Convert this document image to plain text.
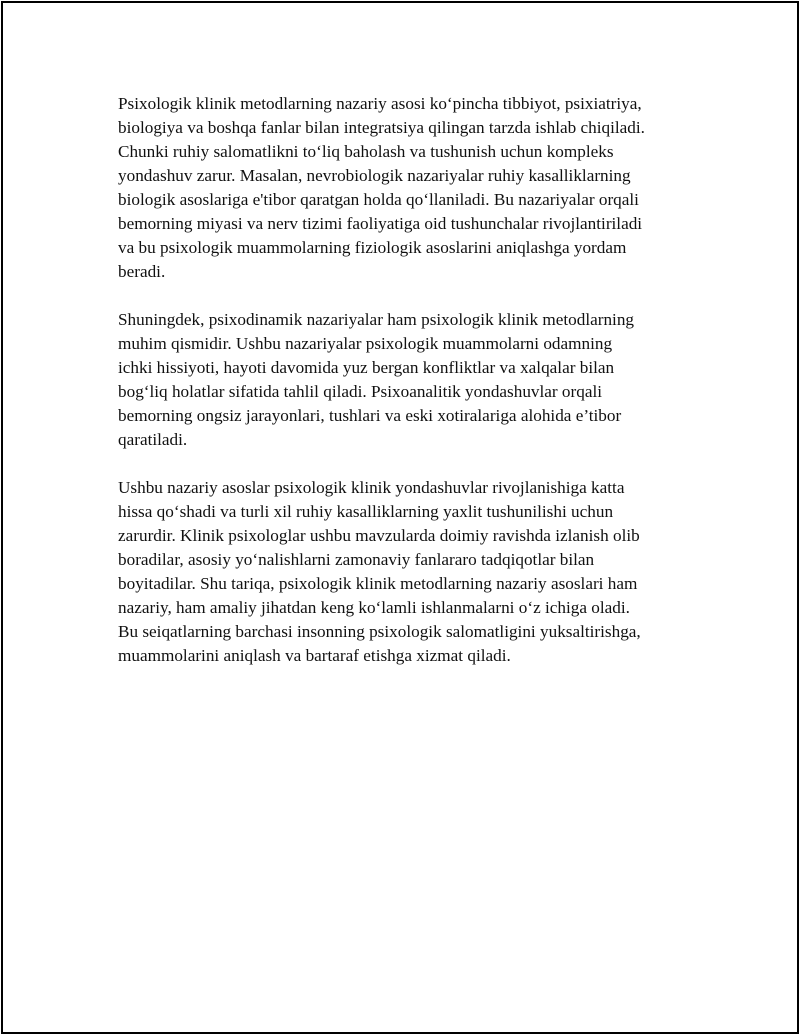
Psixologik klinik metodlarning nazariy asosi koʻpincha tibbiyot, psixiatriya,
biologiya va boshqa fanlar bilan integratsiya qilingan tarzda ishlab chiqiladi.
Chunki ruhiy salomatlikni toʻliq baholash va tushunish uchun kompleks
yondashuv zarur. Masalan, nevrobiologik nazariyalar ruhiy kasalliklarning
biologik asoslariga e'tibor qaratgan holda qoʻllaniladi. Bu nazariyalar orqali
bemorning miyasi va nerv tizimi faoliyatiga oid tushunchalar rivojlantiriladi
va bu psixologik muammolarning fiziologik asoslarini aniqlashga yordam
beradi.

Shuningdek, psixodinamik nazariyalar ham psixologik klinik metodlarning
muhim qismidir. Ushbu nazariyalar psixologik muammolarni odamning
ichki hissiyoti, hayoti davomida yuz bergan konfliktlar va xalqalar bilan
bogʻliq holatlar sifatida tahlil qiladi. Psixoanalitik yondashuvlar orqali
bemorning ongsiz jarayonlari, tushlari va eski xotiralariga alohida e’tibor
qaratiladi.

Ushbu nazariy asoslar psixologik klinik yondashuvlar rivojlanishiga katta
hissa qoʻshadi va turli xil ruhiy kasalliklarning yaxlit tushunilishi uchun
zarurdir. Klinik psixologlar ushbu mavzularda doimiy ravishda izlanish olib
boradilar, asosiy yoʻnalishlarni zamonaviy fanlararo tadqiqotlar bilan
boyitadilar. Shu tariqa, psixologik klinik metodlarning nazariy asoslari ham
nazariy, ham amaliy jihatdan keng koʻlamli ishlanmalarni oʻz ichiga oladi.
Bu seiqatlarning barchasi insonning psixologik salomatligini yuksaltirishga,
muammolarini aniqlash va bartaraf etishga xizmat qiladi.
